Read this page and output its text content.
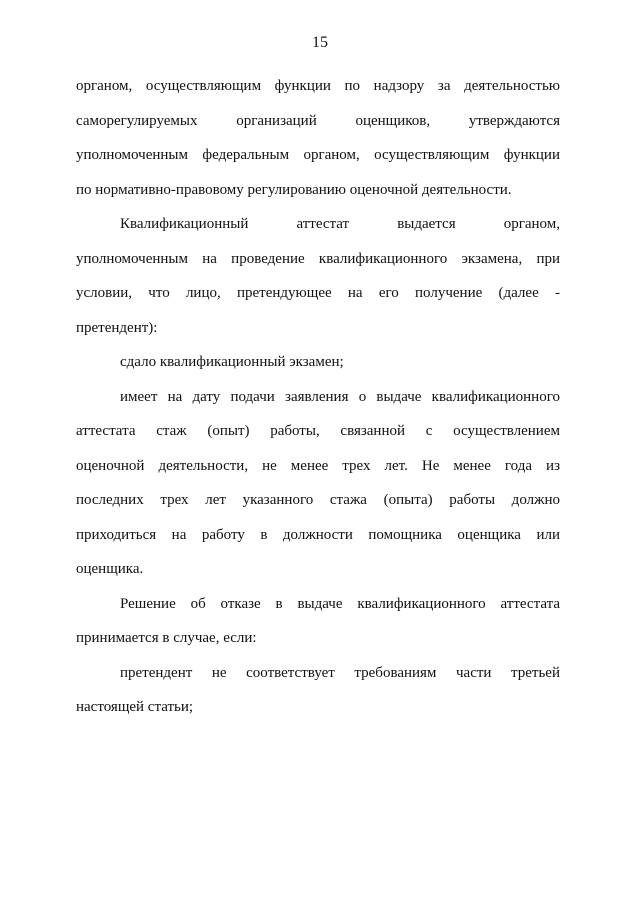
15
органом, осуществляющим функции по надзору за деятельностью
саморегулируемых организаций оценщиков, утверждаются
уполномоченным федеральным органом, осуществляющим функции
по нормативно-правовому регулированию оценочной деятельности.
Квалификационный аттестат выдается органом,
уполномоченным на проведение квалификационного экзамена, при
условии, что лицо, претендующее на его получение (далее -
претендент):
сдало квалификационный экзамен;
имеет на дату подачи заявления о выдаче квалификационного
аттестата стаж (опыт) работы, связанной с осуществлением
оценочной деятельности, не менее трех лет. Не менее года из
последних трех лет указанного стажа (опыта) работы должно
приходиться на работу в должности помощника оценщика или
оценщика.
Решение об отказе в выдаче квалификационного аттестата
принимается в случае, если:
претендент не соответствует требованиям части третьей
настоящей статьи;
